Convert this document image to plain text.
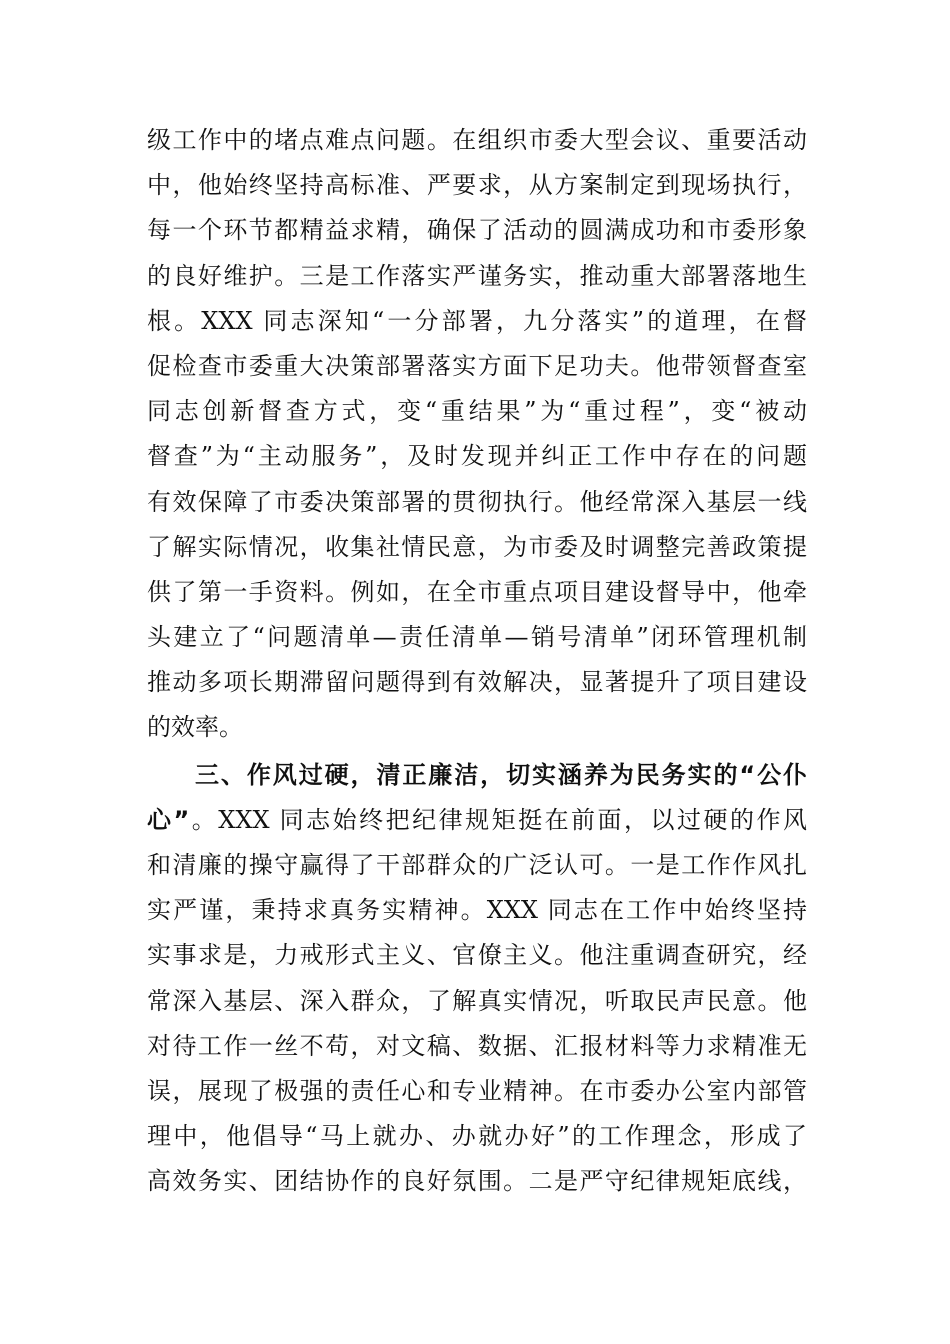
级工作中的堵点难点问题。在组织市委大型会议、重要活动
中，他始终坚持高标准、严要求，从方案制定到现场执行，
每一个环节都精益求精，确保了活动的圆满成功和市委形象
的良好维护。三是工作落实严谨务实，推动重大部署落地生
根。XXX 同志深知“一分部署，九分落实”的道理，在督
促检查市委重大决策部署落实方面下足功夫。他带领督查室
同志创新督查方式，变“重结果”为“重过程”，变“被动
督查”为“主动服务”，及时发现并纠正工作中存在的问题
有效保障了市委决策部署的贯彻执行。他经常深入基层一线
了解实际情况，收集社情民意，为市委及时调整完善政策提
供了第一手资料。例如，在全市重点项目建设督导中，他牵
头建立了“问题清单—责任清单—销号清单”闭环管理机制
推动多项长期滞留问题得到有效解决，显著提升了项目建设
的效率。
三、作风过硬，清正廉洁，切实涵养为民务实的“公仆
心”。XXX 同志始终把纪律规矩挺在前面，以过硬的作风
和清廉的操守赢得了干部群众的广泛认可。一是工作作风扎
实严谨，秉持求真务实精神。XXX 同志在工作中始终坚持
实事求是，力戒形式主义、官僚主义。他注重调查研究，经
常深入基层、深入群众，了解真实情况，听取民声民意。他
对待工作一丝不苟，对文稿、数据、汇报材料等力求精准无
误，展现了极强的责任心和专业精神。在市委办公室内部管
理中，他倡导“马上就办、办就办好”的工作理念，形成了
高效务实、团结协作的良好氛围。二是严守纪律规矩底线，
